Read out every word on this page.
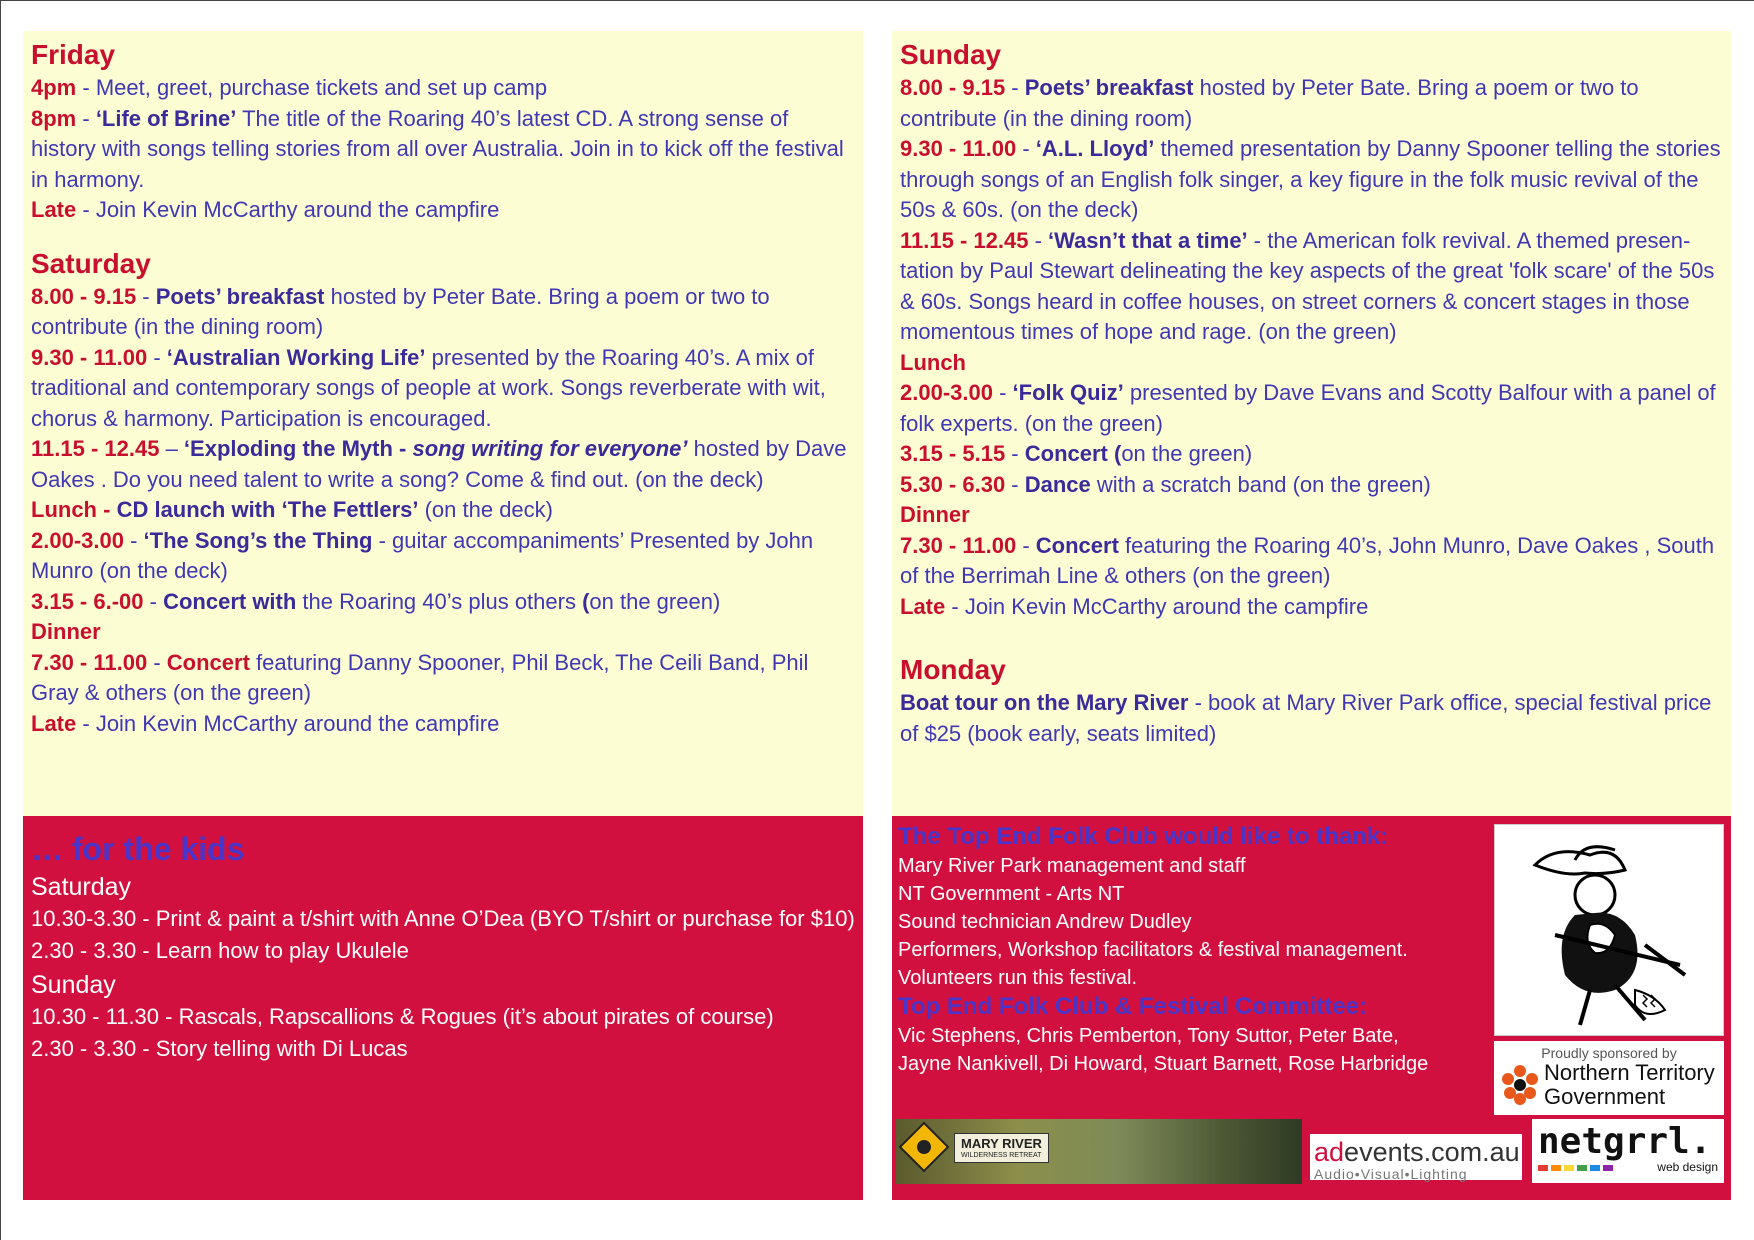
Friday

4pm - Meet, greet, purchase tickets and set up camp

8pm - ‘Life of Brine’ The title of the Roaring 40’s latest CD. A strong sense of history with songs telling stories from all over Australia. Join in to kick off the festival in harmony.

Late - Join Kevin McCarthy around the campfire

Saturday

8.00 - 9.15 - Poets’ breakfast hosted by Peter Bate. Bring a poem or two to contribute (in the dining room)

9.30 - 11.00 - ‘Australian Working Life’ presented by the Roaring 40’s. A mix of traditional and contemporary songs of people at work. Songs reverberate with wit, chorus & harmony. Participation is encouraged.

11.15 - 12.45 – ‘Exploding the Myth - song writing for everyone’ hosted by Dave Oakes . Do you need talent to write a song? Come & find out. (on the deck)

Lunch - CD launch with ‘The Fettlers’ (on the deck)

2.00-3.00 - ‘The Song’s the Thing - guitar accompaniments’ Presented by John Munro (on the deck)

3.15 - 6.-00 - Concert with the Roaring 40’s plus others (on the green)

Dinner

7.30 - 11.00 - Concert featuring Danny Spooner, Phil Beck, The Ceili Band, Phil Gray & others (on the green)

Late - Join Kevin McCarthy around the campfire

Sunday

8.00 - 9.15 - Poets’ breakfast hosted by Peter Bate. Bring a poem or two to contribute (in the dining room)

9.30 - 11.00 - ‘A.L. Lloyd’ themed presentation by Danny Spooner telling the stories through songs of an English folk singer, a key figure in the folk music revival of the 50s & 60s. (on the deck)

11.15 - 12.45 - ‘Wasn’t that a time’ - the American folk revival. A themed presen-tation by Paul Stewart delineating the key aspects of the great 'folk scare' of the 50s & 60s. Songs heard in coffee houses, on street corners & concert stages in those momentous times of hope and rage. (on the green)

Lunch

2.00-3.00 - ‘Folk Quiz’ presented by Dave Evans and Scotty Balfour with a panel of folk experts. (on the green)

3.15 - 5.15 - Concert (on the green)

5.30 - 6.30 - Dance with a scratch band (on the green)

Dinner

7.30 - 11.00 - Concert featuring the Roaring 40’s, John Munro, Dave Oakes , South of the Berrimah Line & others (on the green)

Late - Join Kevin McCarthy around the campfire

Monday

Boat tour on the Mary River - book at Mary River Park office, special festival price of $25 (book early, seats limited)

… for the kids

Saturday

10.30-3.30 - Print & paint a t/shirt with Anne O’Dea (BYO T/shirt or purchase for $10)

2.30 - 3.30 - Learn how to play Ukulele

Sunday

10.30 - 11.30 - Rascals, Rapscallions & Rogues (it’s about pirates of course)

2.30 - 3.30 - Story telling with Di Lucas

The Top End Folk Club would like to thank:

Mary River Park management and staff

NT Government - Arts NT

Sound technician Andrew Dudley

Performers, Workshop facilitators & festival management.

Volunteers run this festival.

Top End Folk Club & Festival Committee:

Vic Stephens, Chris Pemberton, Tony Suttor, Peter Bate,

Jayne Nankivell, Di Howard, Stuart Barnett, Rose Harbridge	Proudly sponsored by
Northern Territory
Government
MARY RIVER
WILDERNESS RETREAT	adevents.com.au
Audio•Visual•Lighting
netgrrl.
web design
